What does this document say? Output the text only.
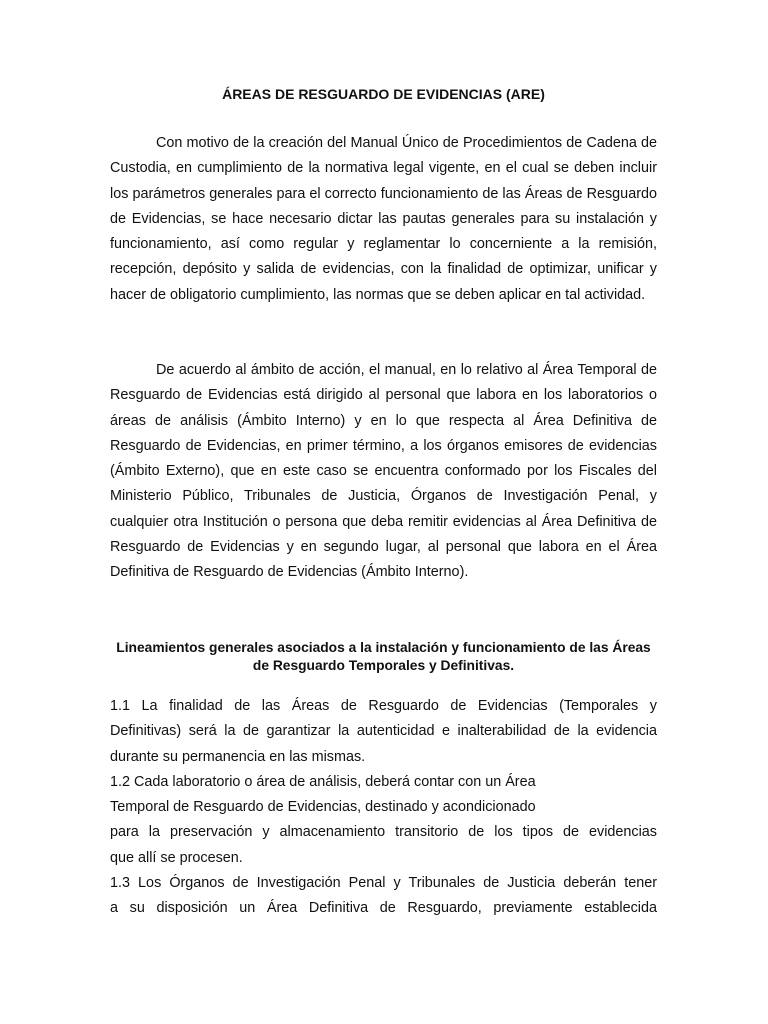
ÁREAS DE RESGUARDO DE EVIDENCIAS (ARE)

Con motivo de la creación del Manual Único de Procedimientos de Cadena de Custodia, en cumplimiento de la normativa legal vigente, en el cual se deben incluir los parámetros generales para el correcto funcionamiento de las Áreas de Resguardo de Evidencias, se hace necesario dictar las pautas generales para su instalación y funcionamiento, así como regular y reglamentar lo concerniente a la remisión, recepción, depósito y salida de evidencias, con la finalidad de optimizar, unificar y hacer de obligatorio cumplimiento, las normas que se deben aplicar en tal actividad.

De acuerdo al ámbito de acción, el manual, en lo relativo al Área Temporal de Resguardo de Evidencias está dirigido al personal que labora en los laboratorios o áreas de análisis (Ámbito Interno) y en lo que respecta al Área Definitiva de Resguardo de Evidencias, en primer término, a los órganos emisores de evidencias (Ámbito Externo), que en este caso se encuentra conformado por los Fiscales del Ministerio Público, Tribunales de Justicia, Órganos de Investigación Penal, y cualquier otra Institución o persona que deba remitir evidencias al Área Definitiva de Resguardo de Evidencias y en segundo lugar, al personal que labora en el Área Definitiva de Resguardo de Evidencias (Ámbito Interno).

Lineamientos generales asociados a la instalación y funcionamiento de las Áreas de Resguardo Temporales y Definitivas.
1.1 La finalidad de las Áreas de Resguardo de Evidencias (Temporales y
Definitivas) será la de garantizar la autenticidad e inalterabilidad de la evidencia
durante su permanencia en las mismas.
1.2 Cada laboratorio o área de análisis, deberá contar con un Área
Temporal de Resguardo de Evidencias, destinado y acondicionado
para la preservación y almacenamiento transitorio de los tipos de evidencias
que allí se procesen.
1.3 Los Órganos de Investigación Penal y Tribunales de Justicia deberán tener
a su disposición un Área Definitiva de Resguardo, previamente establecida
